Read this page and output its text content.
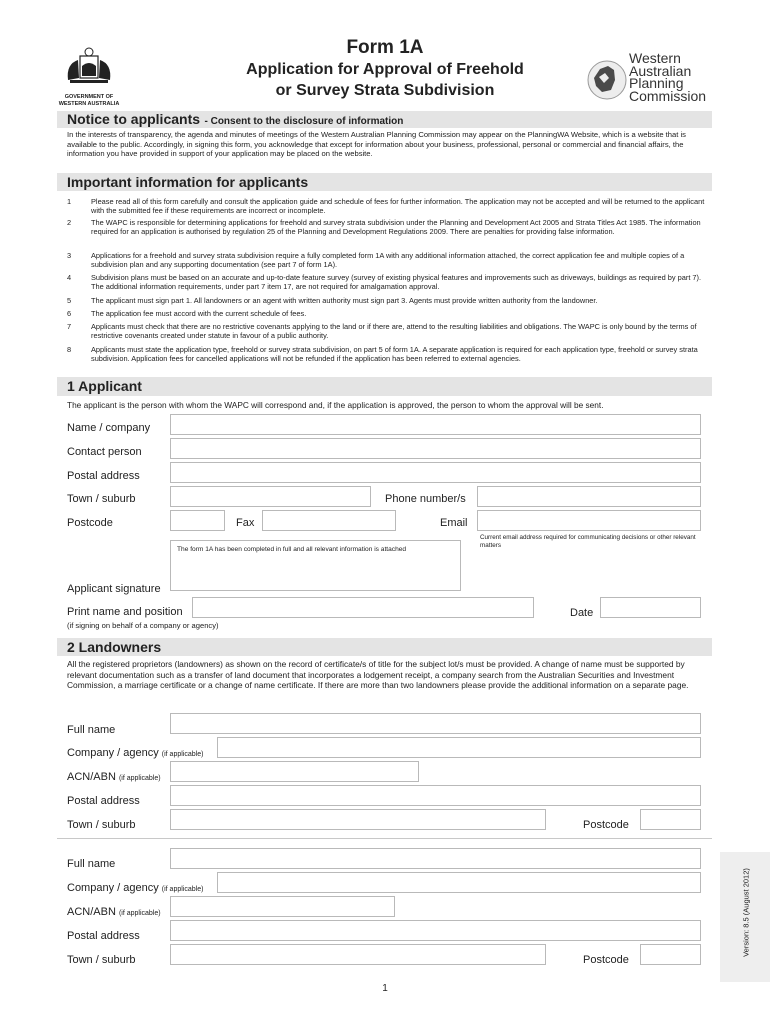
GOVERNMENT OF
WESTERN AUSTRALIA
Form 1A
Application for Approval of Freehold
or Survey Strata Subdivision
Western
Australian
Planning
Commission
Notice to applicants - Consent to the disclosure of information
In the interests of transparency, the agenda and minutes of meetings of the Western Australian Planning Commission may appear on the PlanningWA Website, which is a website that is available to the public. Accordingly, in signing this form, you acknowledge that except for information about your business, professional, personal or commercial and financial affairs, the information you have provided in support of your application may be placed on the website.
Important information for applicants
1	Please read all of this form carefully and consult the application guide and schedule of fees for further information. The application may not be accepted and will be returned to the applicant with the submitted fee if these requirements are incorrect or incomplete.
2	The WAPC is responsible for determining applications for freehold and survey strata subdivision under the Planning and Development Act 2005 and Strata Titles Act 1985. The information required for an application is authorised by regulation 25 of the Planning and Development Regulations 2009. There are penalties for providing false information.
3	Applications for a freehold and survey strata subdivision require a fully completed form 1A with any additional information attached, the correct application fee and multiple copies of a subdivision plan and any supporting documentation (see part 7 of form 1A).
4	Subdivision plans must be based on an accurate and up-to-date feature survey (survey of existing physical features and improvements such as driveways, buildings as required by part 7). The additional information requirements, under part 7 item 17, are not required for amalgamation approval.
5	The applicant must sign part 1. All landowners or an agent with written authority must sign part 3. Agents must provide written authority from the landowner.
6	The application fee must accord with the current schedule of fees.
7	Applicants must check that there are no restrictive covenants applying to the land or if there are, attend to the resulting liabilities and obligations. The WAPC is only bound by the terms of restrictive covenants created under statute in favour of a public authority.
8	Applicants must state the application type, freehold or survey strata subdivision, on part 5 of form 1A. A separate application is required for each application type, freehold or survey strata subdivision. Application fees for cancelled applications will not be refunded if the application has been referred to external agencies.
1 Applicant
The applicant is the person with whom the WAPC will correspond and, if the application is approved, the person to whom the approval will be sent.
Name / company
Contact person
Postal address
Town / suburb	Phone number/s
Postcode	Fax	Email
Current email address required for communicating decisions or other relevant matters
The form 1A has been completed in full and all relevant information is attached
Applicant signature
Print name and position
(if signing on behalf of a company or agency)
Date
2 Landowners
All the registered proprietors (landowners) as shown on the record of certificate/s of title for the subject lot/s must be provided. A change of name must be supported by relevant documentation such as a transfer of land document that incorporates a lodgement receipt, a company search from the Australian Securities and Investment Commission, a marriage certificate or a change of name certificate. If there are more than two landowners please provide the additional information on a separate page.
Full name
Company / agency (if applicable)
ACN/ABN (if applicable)
Postal address
Town / suburb	Postcode
Full name
Company / agency (if applicable)
ACN/ABN (if applicable)
Postal address
Town / suburb	Postcode
Version: 8.5 (August 2012)
1
